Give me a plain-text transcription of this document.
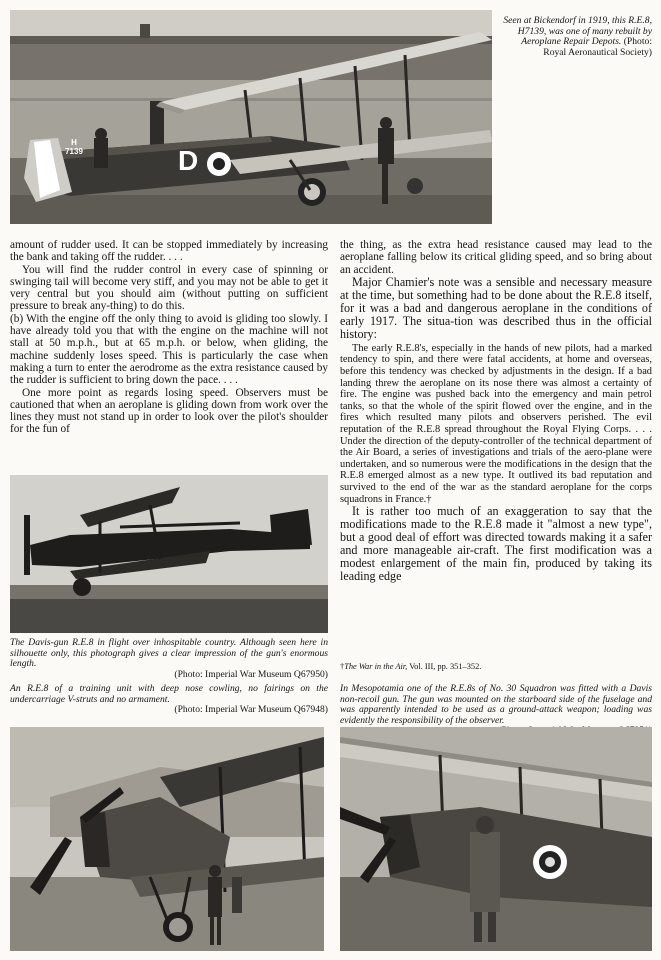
H 7139	D
Seen at Bickendorf in 1919, this R.E.8, H7139, was one of many rebuilt by Aeroplane Repair Depots. (Photo: Royal Aeronautical Society)

amount of rudder used. It can be stopped immediately by increasing the bank and taking off the rudder. . . .

You will find the rudder control in every case of spinning or swinging tail will become very stiff, and you may not be able to get it very central but you should aim (without putting on sufficient pressure to break any-thing) to do this.

(b) With the engine off the only thing to avoid is gliding too slowly. I have already told you that with the engine on the machine will not stall at 50 m.p.h., but at 65 m.p.h. or below, when gliding, the machine suddenly loses speed. This is particularly the case when making a turn to enter the aerodrome as the extra resistance caused by the rudder is sufficient to bring down the pace. . . .

One more point as regards losing speed. Observers must be cautioned that when an aeroplane is gliding down from work over the lines they must not stand up in order to look over the pilot's shoulder for the fun of

The Davis-gun R.E.8 in flight over inhospitable country. Although seen here in silhouette only, this photograph gives a clear impression of the gun's enormous length.
(Photo: Imperial War Museum Q67950)
An R.E.8 of a training unit with deep nose cowling, no fairings on the undercarriage V-struts and no armament.
(Photo: Imperial War Museum Q67948)

the thing, as the extra head resistance caused may lead to the aeroplane falling below its critical gliding speed, and so bring about an accident.

Major Chamier's note was a sensible and necessary measure at the time, but something had to be done about the R.E.8 itself, for it was a bad and dangerous aeroplane in the conditions of early 1917. The situa-tion was described thus in the official history:

The early R.E.8's, especially in the hands of new pilots, had a marked tendency to spin, and there were fatal accidents, at home and overseas, before this tendency was checked by adjustments in the design. If a bad landing threw the aeroplane on its nose there was almost a certainty of fire. The engine was pushed back into the emergency and main petrol tanks, so that the whole of the spirit flowed over the engine, and in the fires which resulted many pilots and observers perished. The evil reputation of the R.E.8 spread throughout the Royal Flying Corps. . . . Under the direction of the deputy-controller of the technical department of the Air Board, a series of investigations and trials of the aero-plane were undertaken, and so numerous were the modifications in the design that the R.E.8 emerged almost as a new type. It outlived its bad reputation and survived to the end of the war as the standard aeroplane for the corps squadrons in France.†

It is rather too much of an exaggeration to say that the modifications made to the R.E.8 made it "almost a new type", but a good deal of effort was directed towards making it a safer and more manageable air-craft. The first modification was a modest enlargement of the main fin, produced by taking its leading edge

†The War in the Air, Vol. III, pp. 351–352.
In Mesopotamia one of the R.E.8s of No. 30 Squadron was fitted with a Davis non-recoil gun. The gun was mounted on the starboard side of the fuselage and was apparently intended to be used as a ground-attack weapon; loading was evidently the responsibility of the observer.
